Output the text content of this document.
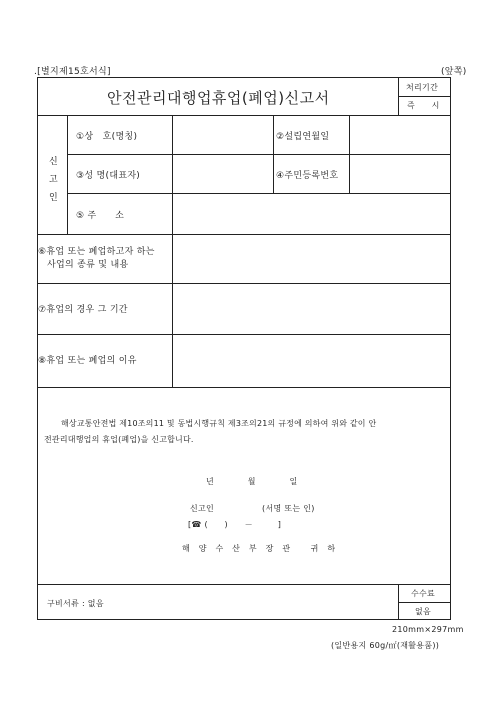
.[별지제15호서식]	(앞쪽)
안전관리대행업휴업(폐업)신고서
처리기간
즉　　시
신
고
인
①상　호(명칭)	②설립연월일
③성 명(대표자)	④주민등록번호
⑤ 주　　소
⑥휴업 또는 폐업하고자 하는
사업의 종류 및 내용
⑦휴업의 경우 그 기간
⑧휴업 또는 폐업의 이유
해상교통안전법 제10조의11 및 동법시행규칙 제3조의21의 규정에 의하여 위와 같이 안
전관리대행업의 휴업(폐업)을 신고합니다.
년　　월　　일
신고인	(서명 또는 인)
[☎ (　　)　　－　　　]
해양수산부장관 귀하
구비서류 : 없음
수수료
없음
210mm×297mm
(일반용지 60g/㎡(재활용품))
